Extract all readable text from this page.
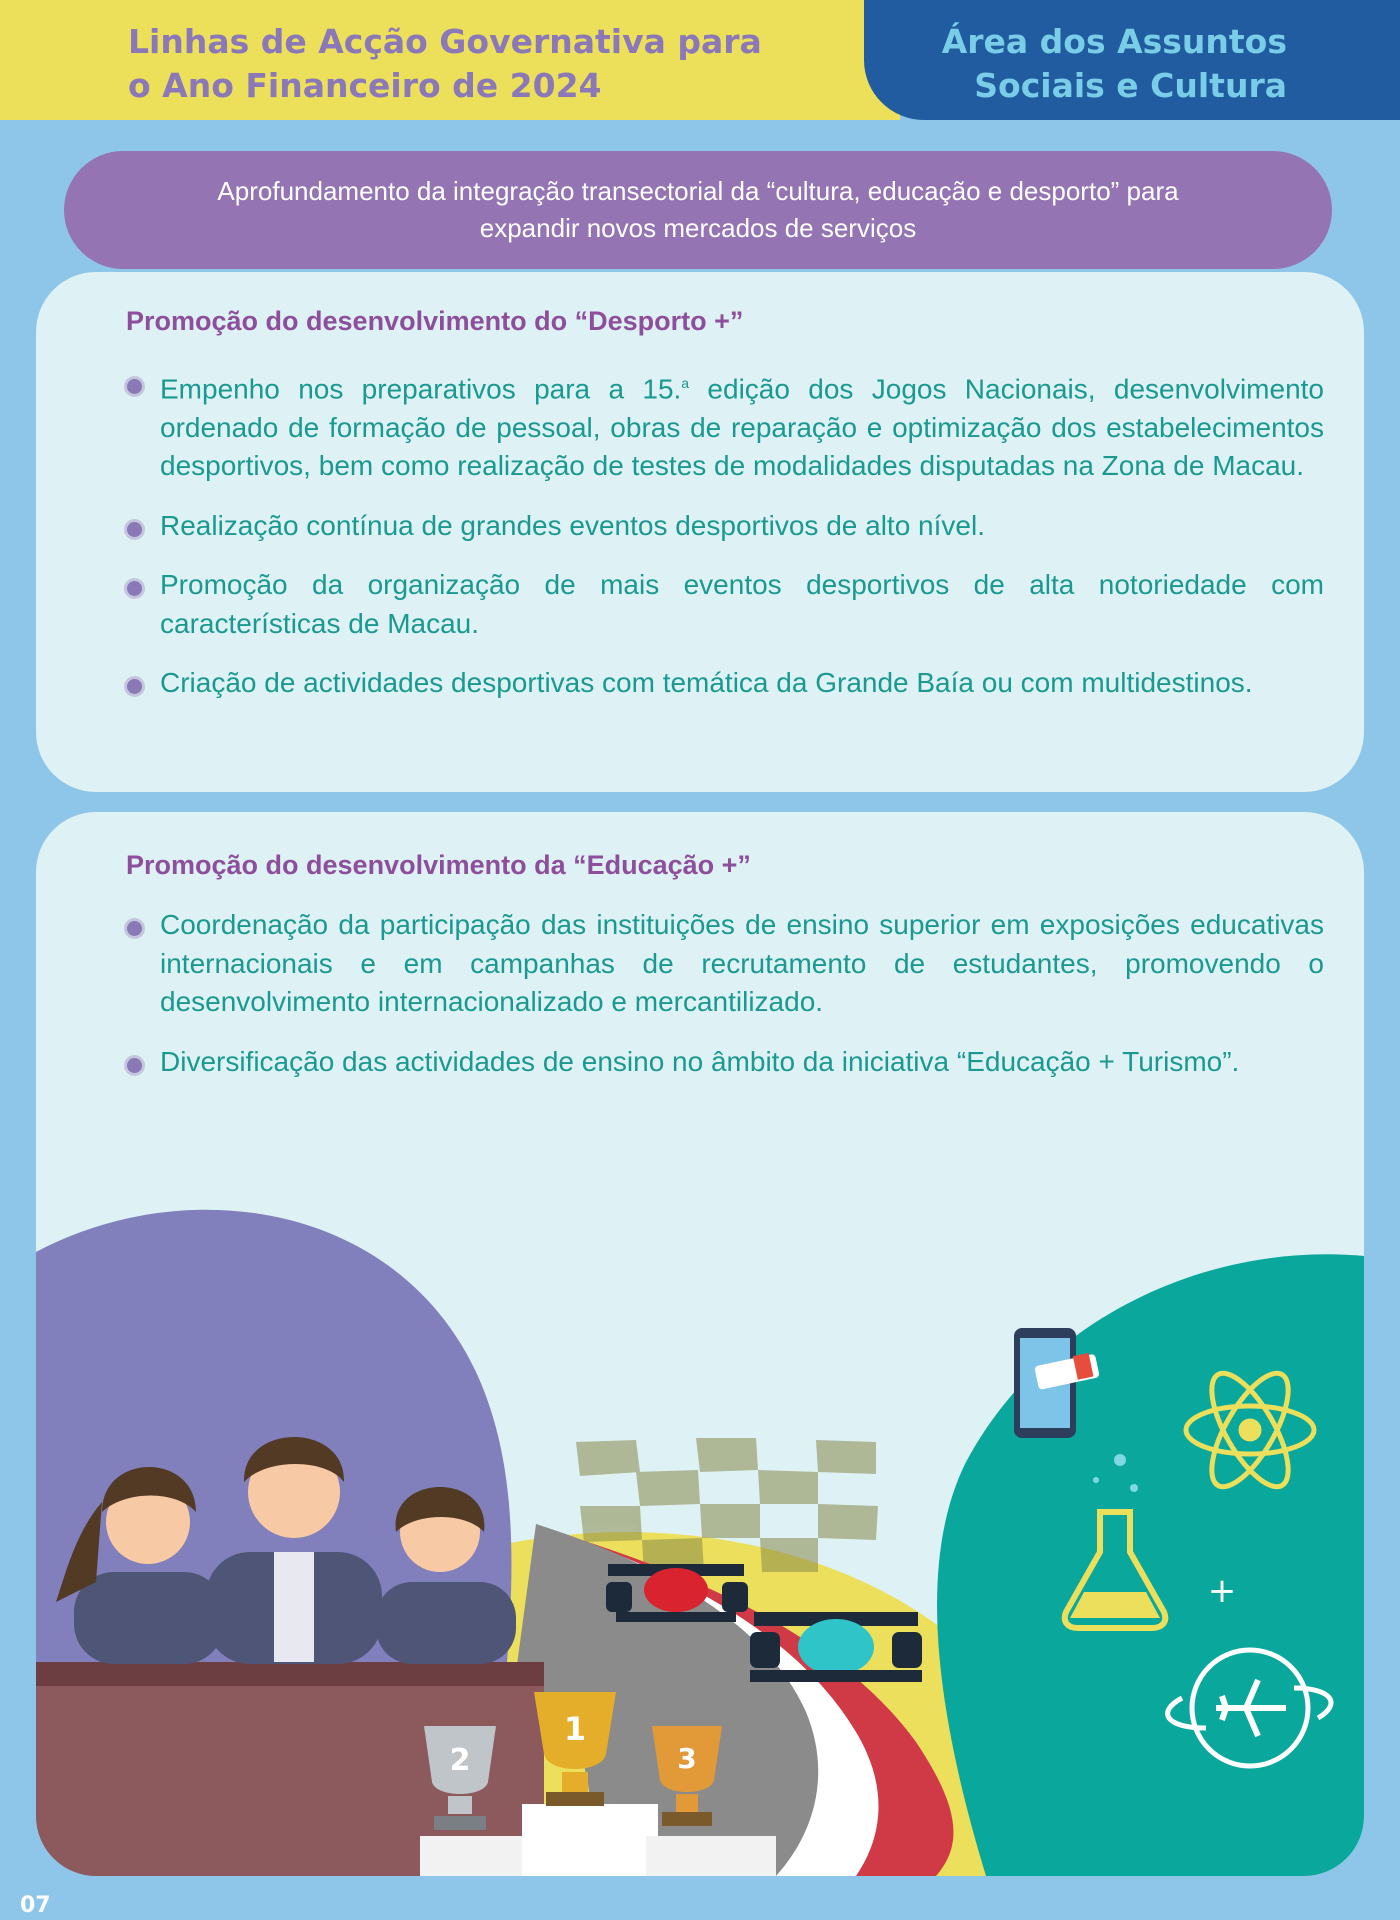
Linhas de Acção Governativa para
o Ano Financeiro de 2024
Área dos Assuntos
Sociais e Cultura
Aprofundamento da integração transectorial da “cultura, educação e desporto” para
expandir novos mercados de serviços
Promoção do desenvolvimento do “Desporto +”
Empenho nos preparativos para a 15.$^a$ edição dos Jogos Nacionais, desenvolvimento ordenado de formação de pessoal, obras de reparação e optimização dos estabelecimentos desportivos, bem como realização de testes de modalidades disputadas na Zona de Macau.
Realização contínua de grandes eventos desportivos de alto nível.
Promoção da organização de mais eventos desportivos de alta notoriedade com características de Macau.
Criação de actividades desportivas com temática da Grande Baía ou com multidestinos.
2
1
3
+
Promoção do desenvolvimento da “Educação +”
Coordenação da participação das instituições de ensino superior em exposições educativas internacionais e em campanhas de recrutamento de estudantes, promovendo o desenvolvimento internacionalizado e mercantilizado.
Diversificação das actividades de ensino no âmbito da iniciativa “Educação + Turismo”.
07
